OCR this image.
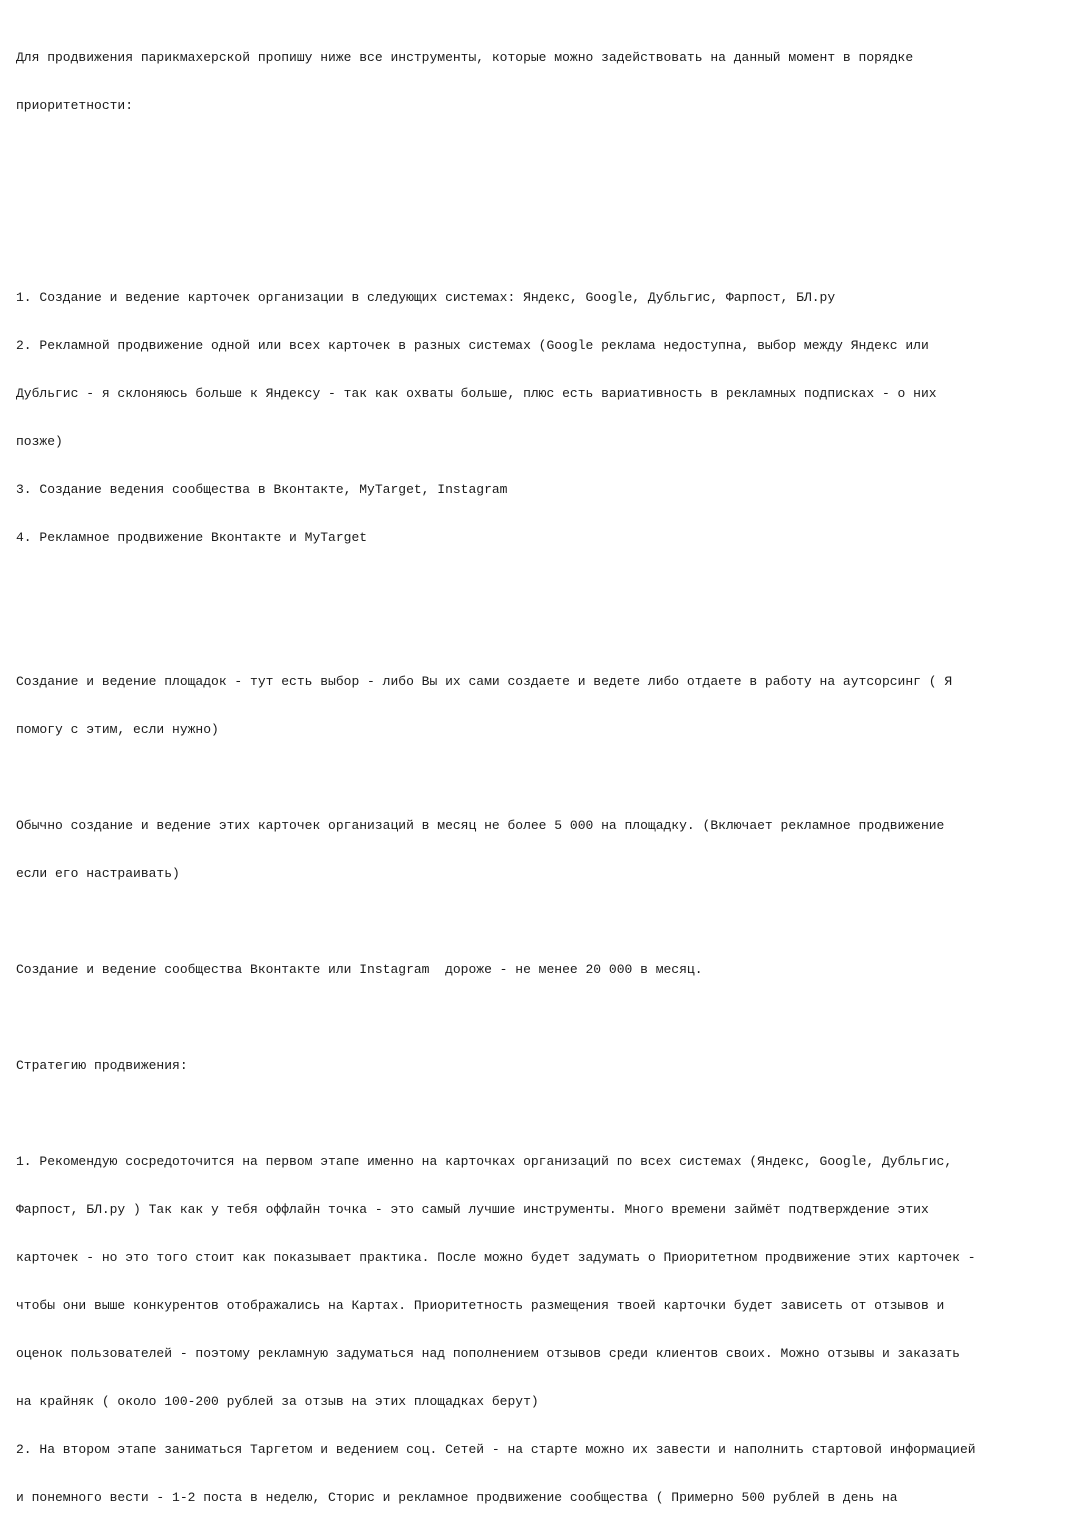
Для продвижения парикмахерской пропишу ниже все инструменты, которые можно задействовать на данный момент в порядке

приоритетности:

1. Создание и ведение карточек организации в следующих системах: Яндекс, Google, Дубльгис, Фарпост, БЛ.ру

2. Рекламной продвижение одной или всех карточек в разных системах (Google реклама недоступна, выбор между Яндекс или

Дубльгис - я склоняюсь больше к Яндексу - так как охваты больше, плюс есть вариативность в рекламных подписках - о них

позже)

3. Создание ведения сообщества в Вконтакте, MyTarget, Instagram

4. Рекламное продвижение Вконтакте и MyTarget

Создание и ведение площадок - тут есть выбор - либо Вы их сами создаете и ведете либо отдаете в работу на аутсорсинг ( Я

помогу с этим, если нужно)

Обычно создание и ведение этих карточек организаций в месяц не более 5 000 на площадку. (Включает рекламное продвижение

если его настраивать)

Создание и ведение сообщества Вконтакте или Instagram  дороже - не менее 20 000 в месяц.

Стратегию продвижения:

1. Рекомендую сосредоточится на первом этапе именно на карточках организаций по всех системах (Яндекс, Google, Дубльгис,

Фарпост, БЛ.ру ) Так как у тебя оффлайн точка - это самый лучшие инструменты. Много времени займёт подтверждение этих

карточек - но это того стоит как показывает практика. После можно будет задумать о Приоритетном продвижение этих карточек -

чтобы они выше конкурентов отображались на Картах. Приоритетность размещения твоей карточки будет зависеть от отзывов и

оценок пользователей - поэтому рекламную задуматься над пополнением отзывов среди клиентов своих. Можно отзывы и заказать

на крайняк ( около 100-200 рублей за отзыв на этих площадках берут)

2. На втором этапе заниматься Таргетом и ведением соц. Сетей - на старте можно их завести и наполнить стартовой информацией

и понемного вести - 1-2 поста в неделю, Сторис и рекламное продвижение сообщества ( Примерно 500 рублей в день на
